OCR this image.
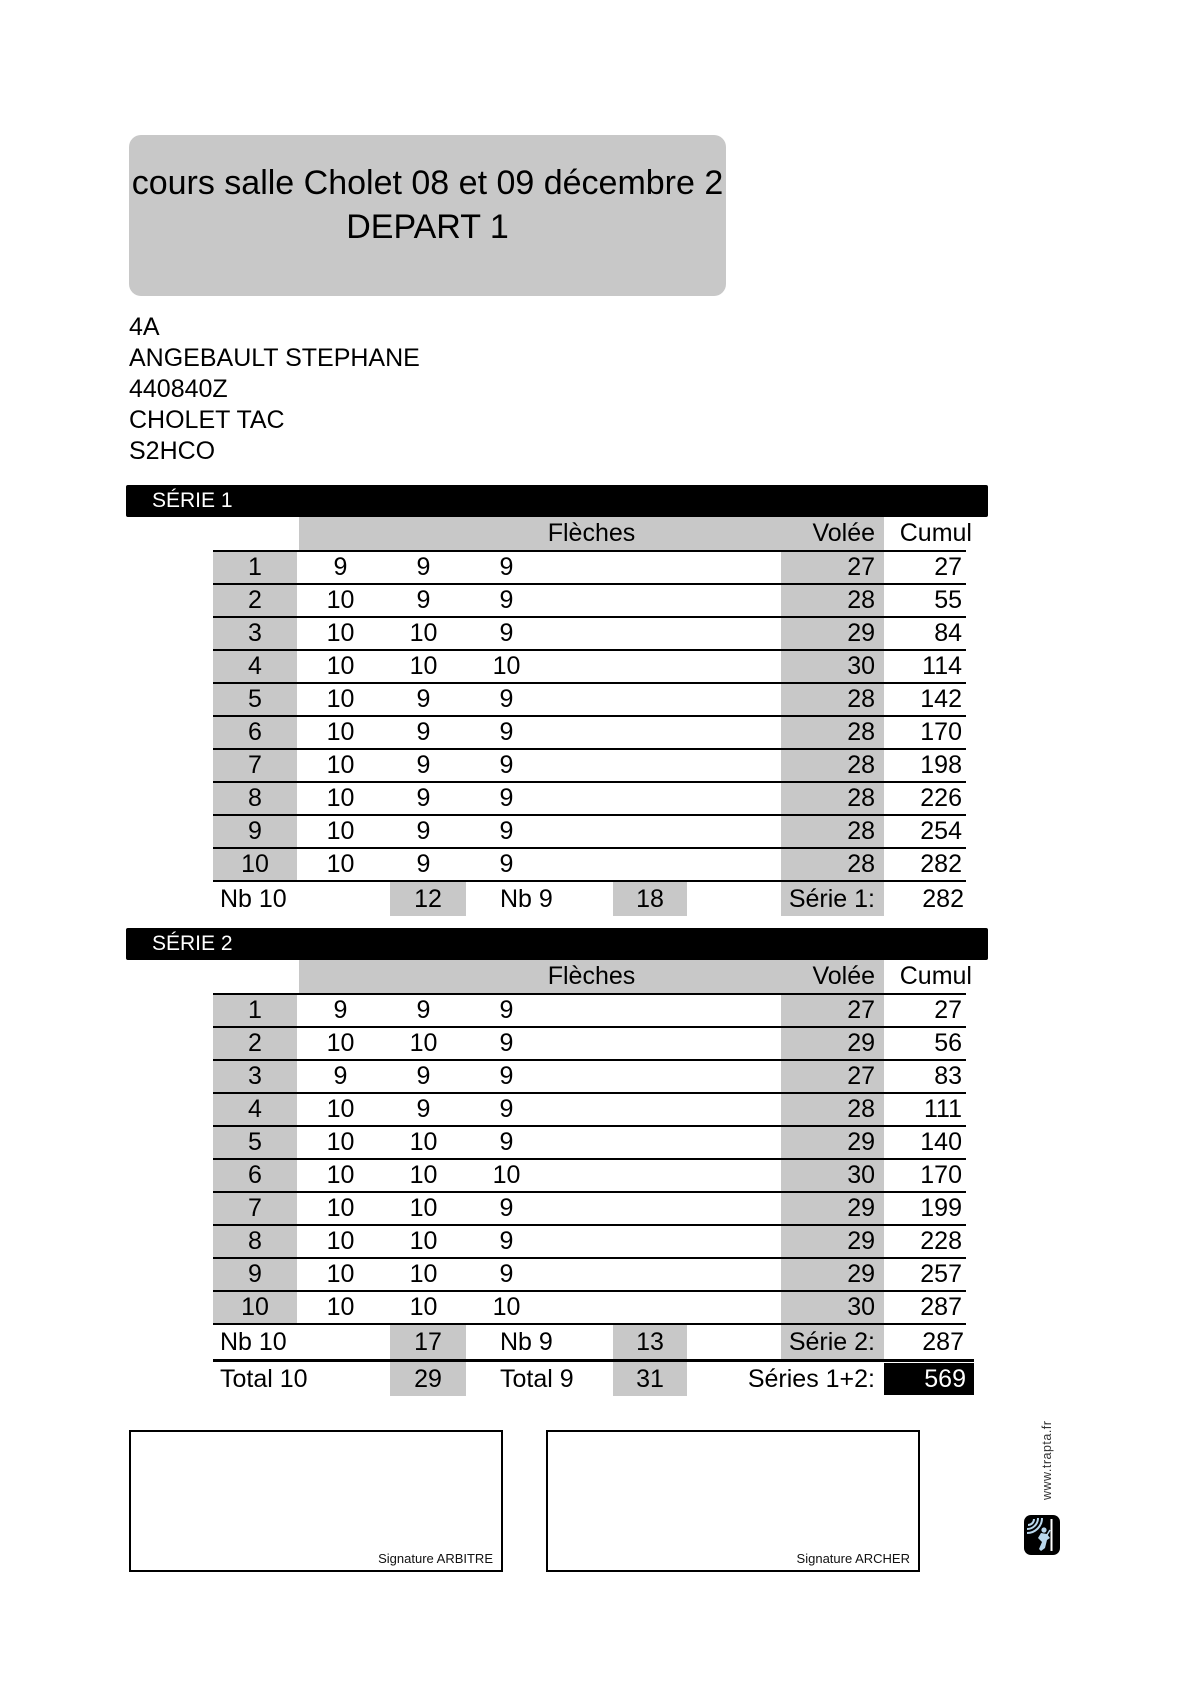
cours salle Cholet 08 et 09 décembre 2
DEPART 1
4A
ANGEBAULT STEPHANE
440840Z
CHOLET TAC
S2HCO
SÉRIE 1
Flèches	Volée Cumul
1	9	9	9	27	27
2	10	9	9	28	55
3	10	10	9	29	84
4	10	10	10	30	114
5	10	9	9	28	142
6	10	9	9	28	170
7	10	9	9	28	198
8	10	9	9	28	226
9	10	9	9	28	254
10	10	9	9	28	282
Nb 10	12	Nb 9	18	Série 1:	282
SÉRIE 2
Flèches	Volée Cumul
1	9	9	9	27	27
2	10	10	9	29	56
3	9	9	9	27	83
4	10	9	9	28	111
5	10	10	9	29	140
6	10	10	10	30	170
7	10	10	9	29	199
8	10	10	9	29	228
9	10	10	9	29	257
10	10	10	10	30	287
Nb 10	17	Nb 9	13	Série 2:	287
Total 10	29	Total 9	31	Séries 1+2:	569
Signature ARBITRE	Signature ARCHER
www.trapta.fr
